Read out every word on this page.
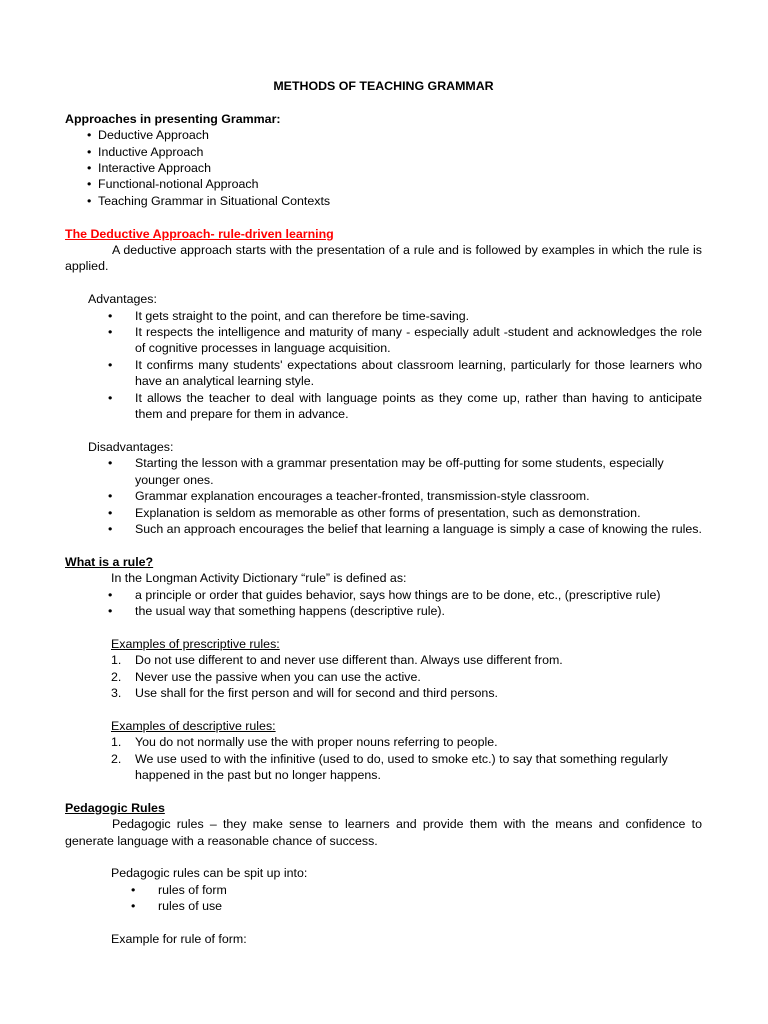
METHODS OF TEACHING GRAMMAR

Approaches in presenting Grammar:

• Deductive Approach
• Inductive Approach
• Interactive Approach
• Functional-notional Approach
• Teaching Grammar in Situational Contexts

The Deductive Approach- rule-driven learning

A deductive approach starts with the presentation of a rule and is followed by examples in which the rule is applied.

Advantages:

• It gets straight to the point, and can therefore be time-saving.
• It respects the intelligence and maturity of many - especially adult -student and acknowledges the role of cognitive processes in language acquisition.
• It confirms many students' expectations about classroom learning, particularly for those learners who have an analytical learning style.
• It allows the teacher to deal with language points as they come up, rather than having to anticipate them and prepare for them in advance.

Disadvantages:

• Starting the lesson with a grammar presentation may be off-putting for some students, especially younger ones.
• Grammar explanation encourages a teacher-fronted, transmission-style classroom.
• Explanation is seldom as memorable as other forms of presentation, such as demonstration.
• Such an approach encourages the belief that learning a language is simply a case of knowing the rules.

What is a rule?

In the Longman Activity Dictionary “rule” is defined as:

• a principle or order that guides behavior, says how things are to be done, etc., (prescriptive rule)
• the usual way that something happens (descriptive rule).

Examples of prescriptive rules:

1. Do not use different to and never use different than. Always use different from.
2. Never use the passive when you can use the active.
3. Use shall for the first person and will for second and third persons.

Examples of descriptive rules:

1. You do not normally use the with proper nouns referring to people.
2. We use used to with the infinitive (used to do, used to smoke etc.) to say that something regularly happened in the past but no longer happens.

Pedagogic Rules

Pedagogic rules – they make sense to learners and provide them with the means and confidence to generate language with a reasonable chance of success.

Pedagogic rules can be spit up into:

• rules of form
• rules of use

Example for rule of form:
